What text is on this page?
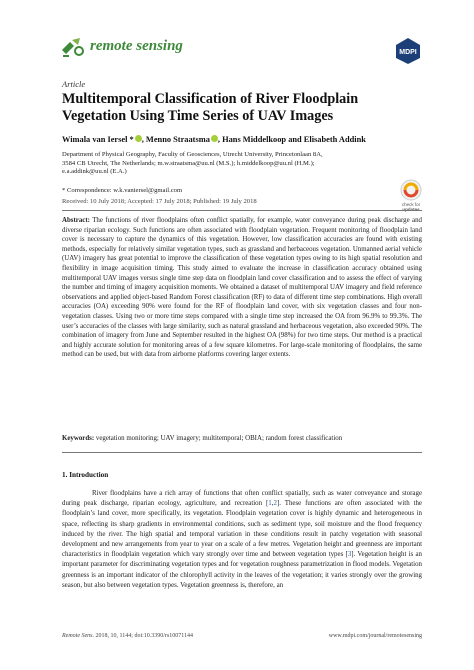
remote sensing	MDPI
Article
Multitemporal Classification of River Floodplain Vegetation Using Time Series of UAV Images
Wimala van Iersel * , Menno Straatsma , Hans Middelkoop and Elisabeth Addink
Department of Physical Geography, Faculty of Geosciences, Utrecht University, Princetonlaan 8A,
3584 CB Utrecht, The Netherlands; m.w.straatsma@uu.nl (M.S.); h.middelkoop@uu.nl (H.M.);
e.a.addink@uu.nl (E.A.)
* Correspondence: w.k.vaniersel@gmail.com
check for
updates
Received: 10 July 2018; Accepted: 17 July 2018; Published: 19 July 2018
Abstract: The functions of river floodplains often conflict spatially, for example, water conveyance during peak discharge and diverse riparian ecology. Such functions are often associated with floodplain vegetation. Frequent monitoring of floodplain land cover is necessary to capture the dynamics of this vegetation. However, low classification accuracies are found with existing methods, especially for relatively similar vegetation types, such as grassland and herbaceous vegetation. Unmanned aerial vehicle (UAV) imagery has great potential to improve the classification of these vegetation types owing to its high spatial resolution and flexibility in image acquisition timing. This study aimed to evaluate the increase in classification accuracy obtained using multitemporal UAV images versus single time step data on floodplain land cover classification and to assess the effect of varying the number and timing of imagery acquisition moments. We obtained a dataset of multitemporal UAV imagery and field reference observations and applied object-based Random Forest classification (RF) to data of different time step combinations. High overall accuracies (OA) exceeding 90% were found for the RF of floodplain land cover, with six vegetation classes and four non-vegetation classes. Using two or more time steps compared with a single time step increased the OA from 96.9% to 99.3%. The user’s accuracies of the classes with large similarity, such as natural grassland and herbaceous vegetation, also exceeded 90%. The combination of imagery from June and September resulted in the highest OA (98%) for two time steps. Our method is a practical and highly accurate solution for monitoring areas of a few square kilometres. For large-scale monitoring of floodplains, the same method can be used, but with data from airborne platforms covering larger extents.
Keywords: vegetation monitoring; UAV imagery; multitemporal; OBIA; random forest classification
1. Introduction
River floodplains have a rich array of functions that often conflict spatially, such as water conveyance and storage during peak discharge, riparian ecology, agriculture, and recreation [1,2]. These functions are often associated with the floodplain’s land cover, more specifically, its vegetation. Floodplain vegetation cover is highly dynamic and heterogeneous in space, reflecting its sharp gradients in environmental conditions, such as sediment type, soil moisture and the flood frequency induced by the river. The high spatial and temporal variation in these conditions result in patchy vegetation with seasonal development and new arrangements from year to year on a scale of a few metres. Vegetation height and greenness are important characteristics in floodplain vegetation which vary strongly over time and between vegetation types [3]. Vegetation height is an important parameter for discriminating vegetation types and for vegetation roughness parametrization in flood models. Vegetation greenness is an important indicator of the chlorophyll activity in the leaves of the vegetation; it varies strongly over the growing season, but also between vegetation types. Vegetation greenness is, therefore, an
Remote Sens. 2018, 10, 1144; doi:10.3390/rs10071144	www.mdpi.com/journal/remotesensing
